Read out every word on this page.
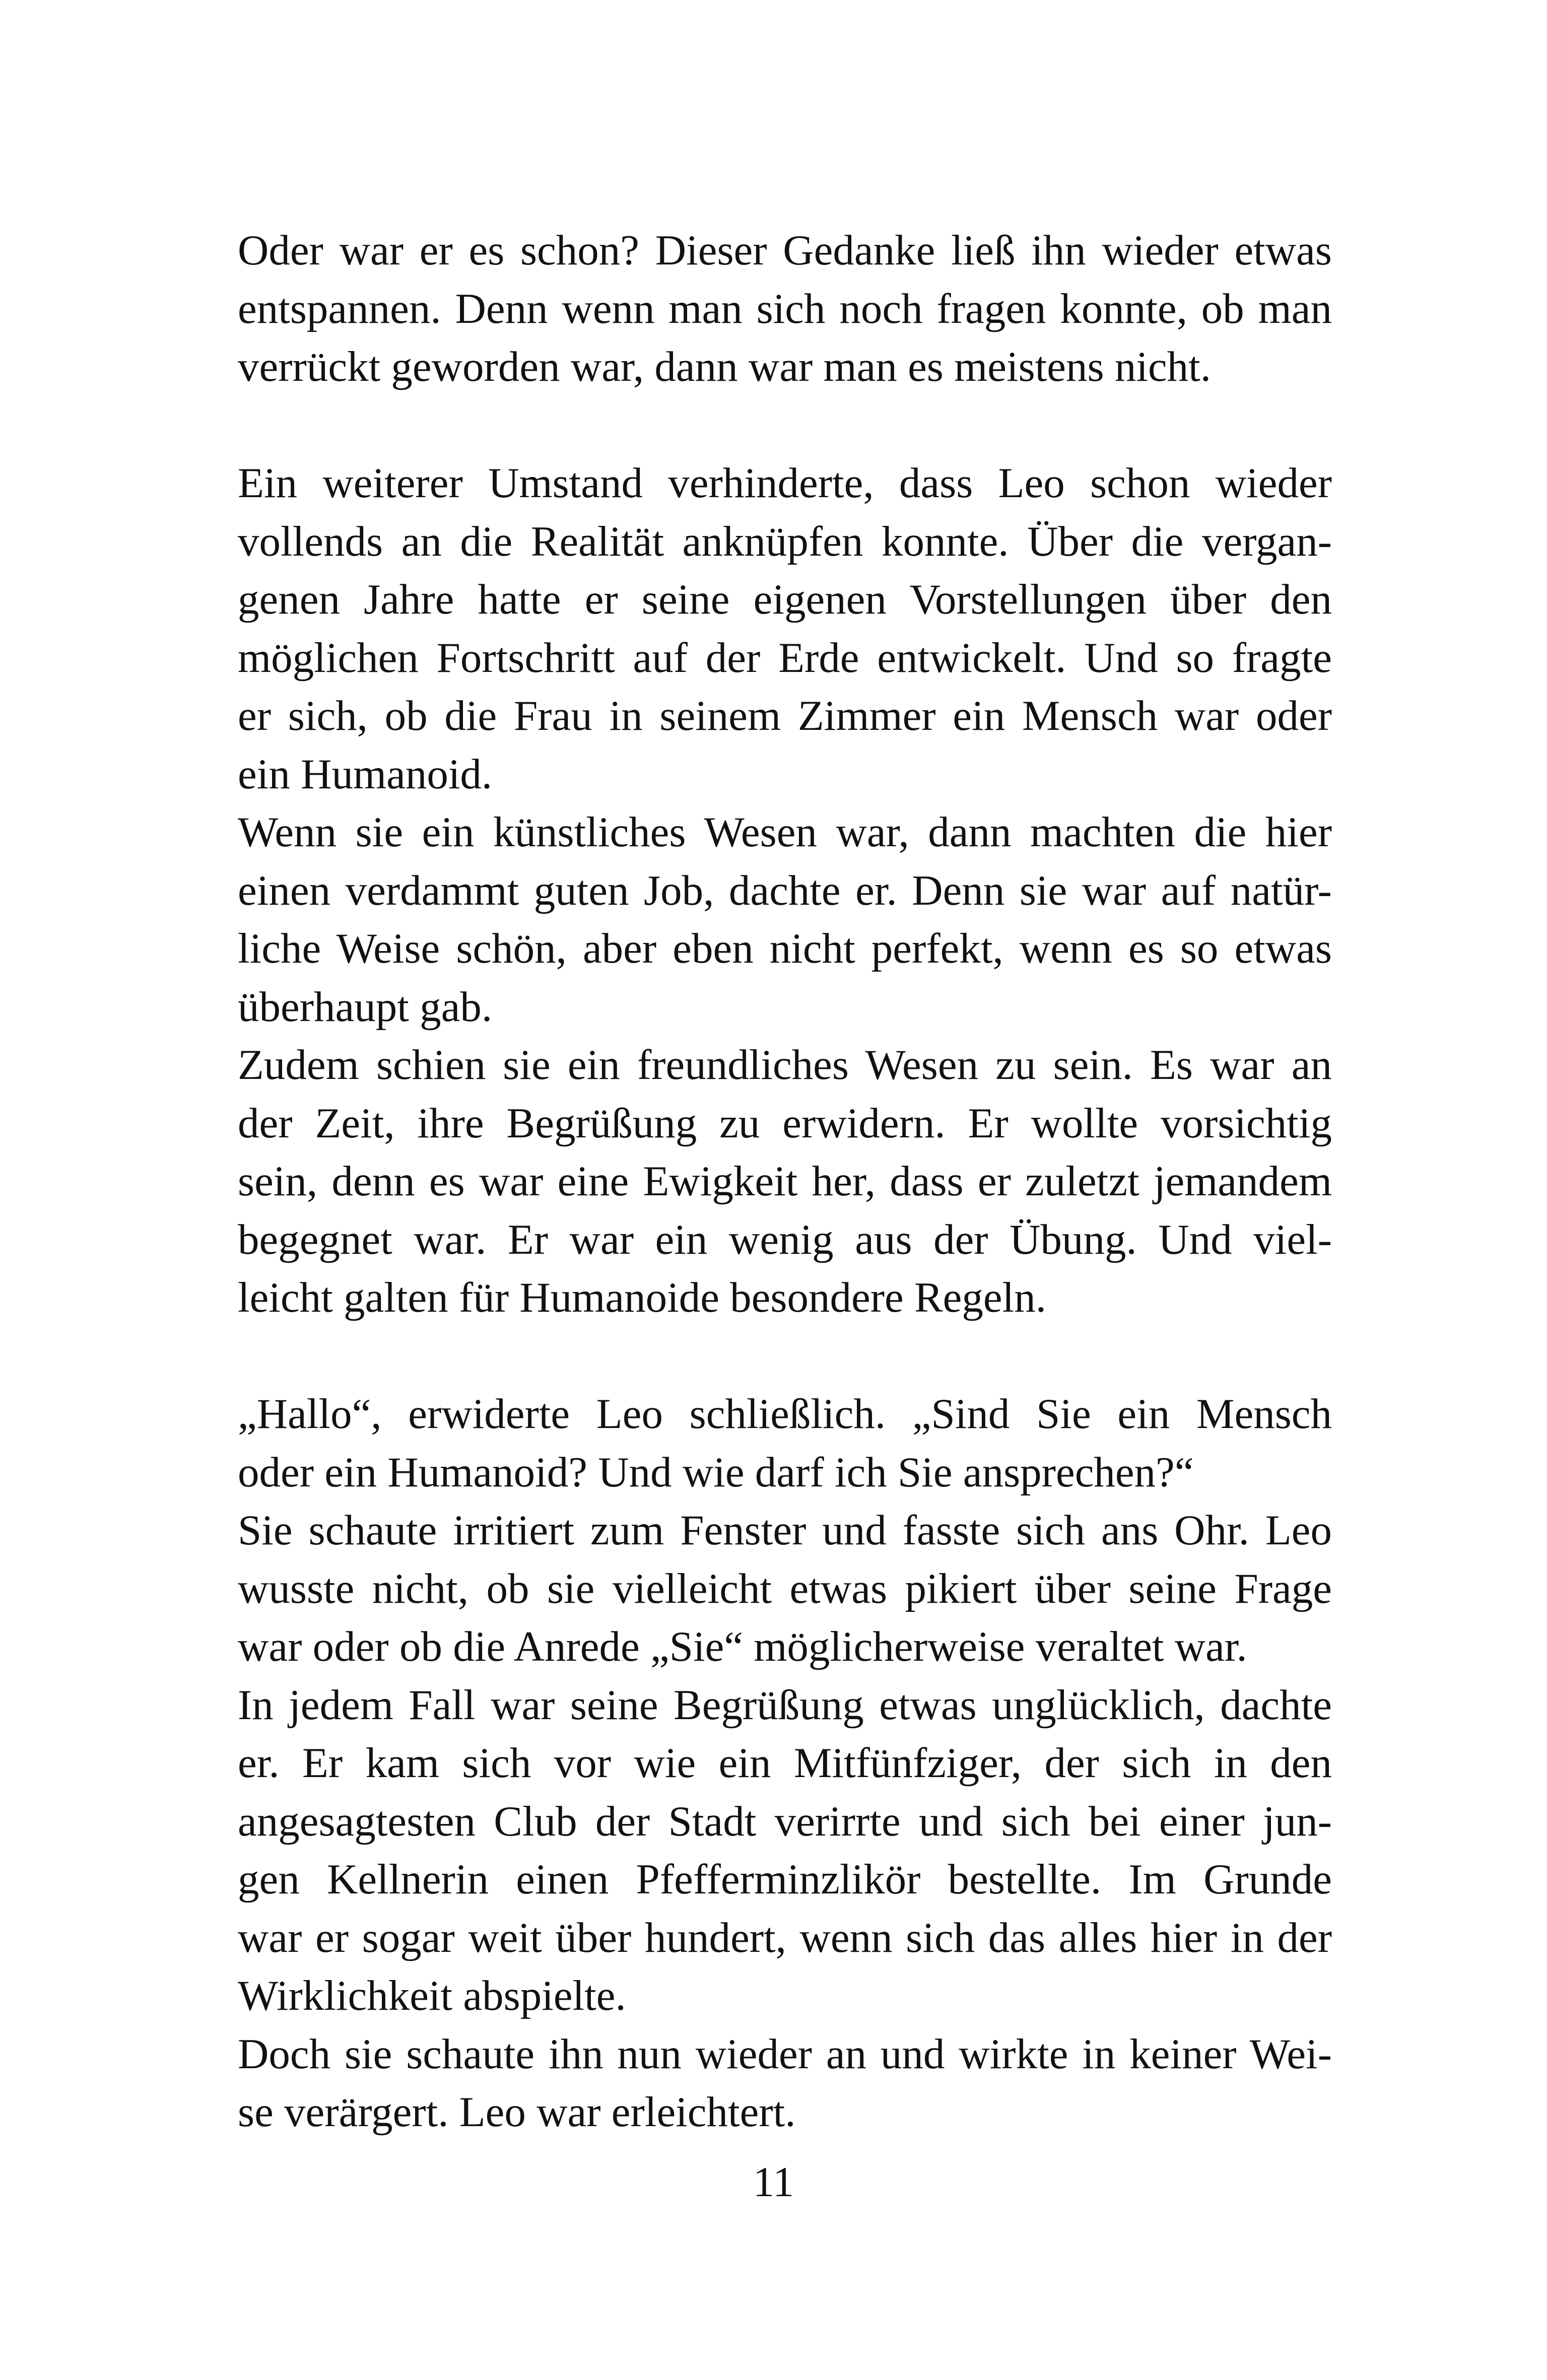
Oder war er es schon? Dieser Gedanke ließ ihn wieder etwas
entspannen. Denn wenn man sich noch fragen konnte, ob man
verrückt geworden war, dann war man es meistens nicht.
Ein weiterer Umstand verhinderte, dass Leo schon wieder
vollends an die Realität anknüpfen konnte. Über die vergan-
genen Jahre hatte er seine eigenen Vorstellungen über den
möglichen Fortschritt auf der Erde entwickelt. Und so fragte
er sich, ob die Frau in seinem Zimmer ein Mensch war oder
ein Humanoid.
Wenn sie ein künstliches Wesen war, dann machten die hier
einen verdammt guten Job, dachte er. Denn sie war auf natür-
liche Weise schön, aber eben nicht perfekt, wenn es so etwas
überhaupt gab.
Zudem schien sie ein freundliches Wesen zu sein. Es war an
der Zeit, ihre Begrüßung zu erwidern. Er wollte vorsichtig
sein, denn es war eine Ewigkeit her, dass er zuletzt jemandem
begegnet war. Er war ein wenig aus der Übung. Und viel-
leicht galten für Humanoide besondere Regeln.
„Hallo“, erwiderte Leo schließlich. „Sind Sie ein Mensch
oder ein Humanoid? Und wie darf ich Sie ansprechen?“
Sie schaute irritiert zum Fenster und fasste sich ans Ohr. Leo
wusste nicht, ob sie vielleicht etwas pikiert über seine Frage
war oder ob die Anrede „Sie“ möglicherweise veraltet war.
In jedem Fall war seine Begrüßung etwas unglücklich, dachte
er. Er kam sich vor wie ein Mitfünfziger, der sich in den
angesagtesten Club der Stadt verirrte und sich bei einer jun-
gen Kellnerin einen Pfefferminzlikör bestellte. Im Grunde
war er sogar weit über hundert, wenn sich das alles hier in der
Wirklichkeit abspielte.
Doch sie schaute ihn nun wieder an und wirkte in keiner Wei-
se verärgert. Leo war erleichtert.
11
